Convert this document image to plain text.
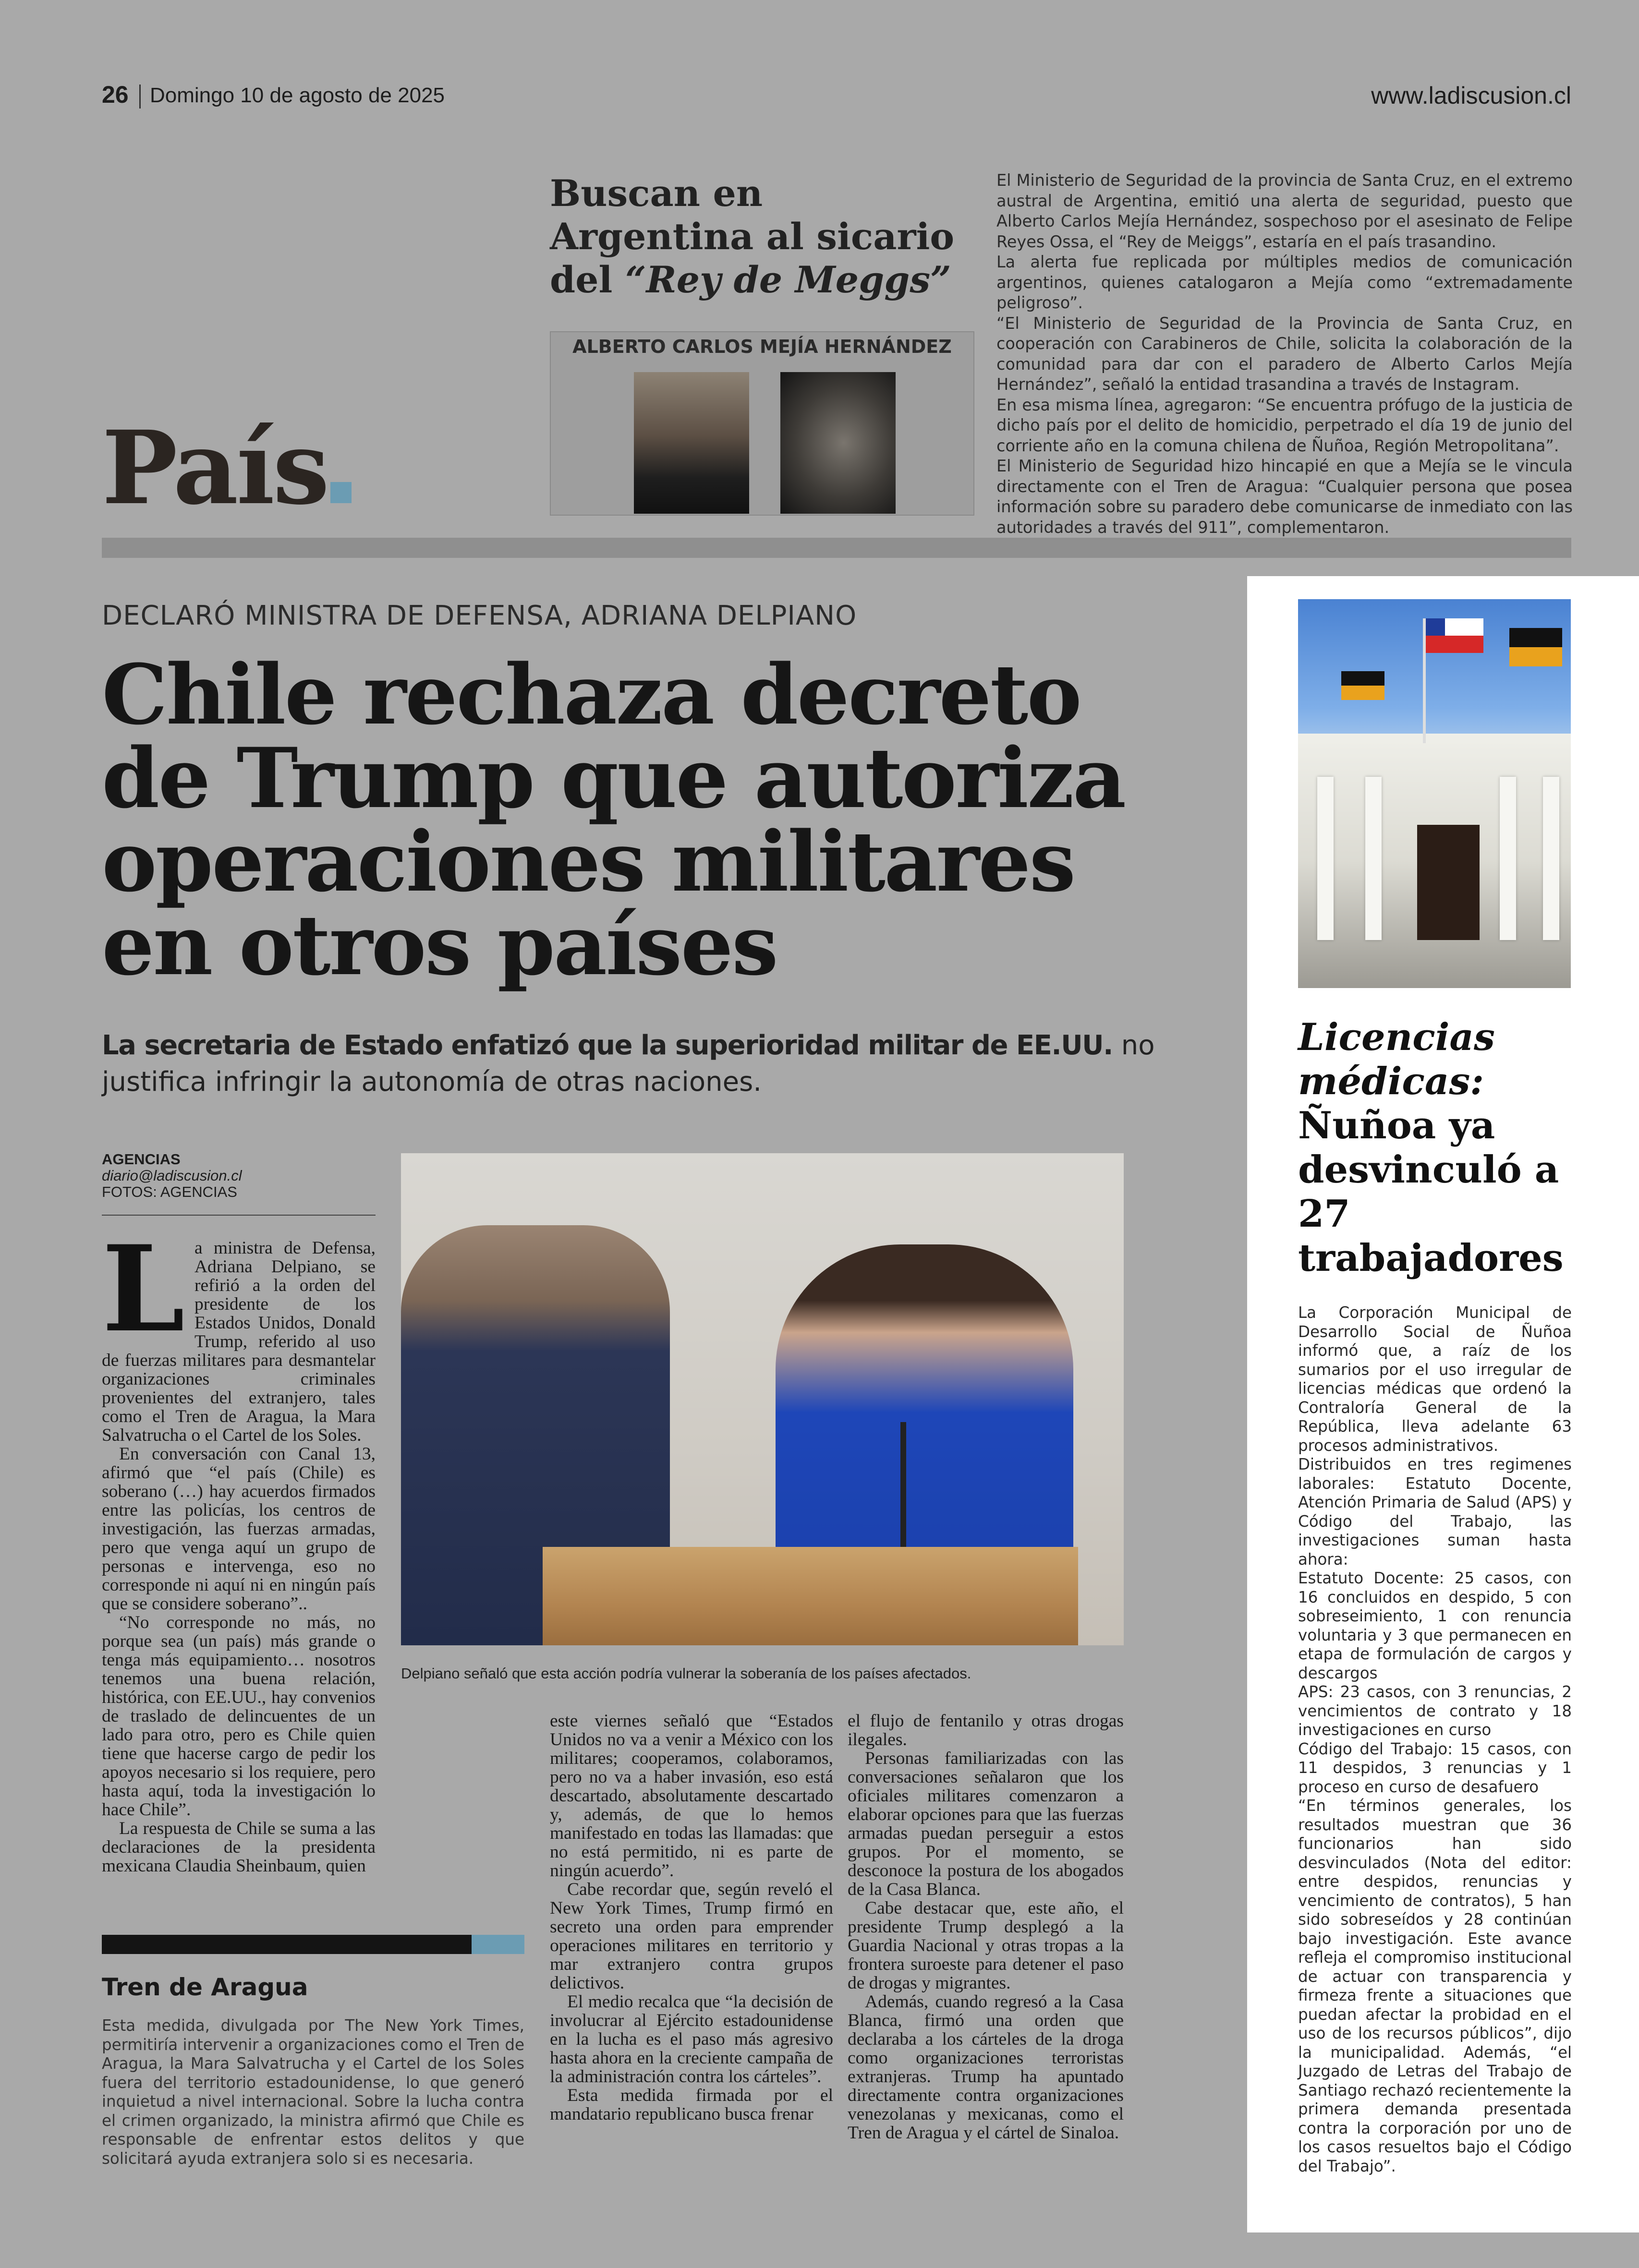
26 Domingo 10 de agosto de 2025	www.ladiscusion.cl
País
Buscan en Argentina al sicario del “Rey de Meggs”
ALBERTO CARLOS MEJÍA HERNÁNDEZ

El Ministerio de Seguridad de la provincia de Santa Cruz, en el extremo austral de Argentina, emitió una alerta de seguridad, puesto que Alberto Carlos Mejía Hernández, sospechoso por el asesinato de Felipe Reyes Ossa, el “Rey de Meiggs”, estaría en el país trasandino.

La alerta fue replicada por múltiples medios de comunicación argentinos, quienes catalogaron a Mejía como “extremadamente peligroso”.

“El Ministerio de Seguridad de la Provincia de Santa Cruz, en cooperación con Carabineros de Chile, solicita la colaboración de la comunidad para dar con el paradero de Alberto Carlos Mejía Hernández”, señaló la entidad trasandina a través de Instagram.

En esa misma línea, agregaron: “Se encuentra prófugo de la justicia de dicho país por el delito de homicidio, perpetrado el día 19 de junio del corriente año en la comuna chilena de Ñuñoa, Región Metropolitana”.

El Ministerio de Seguridad hizo hincapié en que a Mejía se le vincula directamente con el Tren de Aragua: “Cualquier persona que posea información sobre su paradero debe comunicarse de inmediato con las autoridades a través del 911”, complementaron.

DECLARÓ MINISTRA DE DEFENSA, ADRIANA DELPIANO
Chile rechaza decreto de Trump que autoriza operaciones militares en otros países
La secretaria de Estado enfatizó que la superioridad militar de EE.UU. no justifica infringir la autonomía de otras naciones.
AGENCIAS
diario@ladiscusion.cl
FOTOS: AGENCIAS
L a ministra de Defensa, Adriana Delpiano, se refirió a la orden del presidente de los Estados Unidos, Donald Trump, referido al uso de fuerzas militares para desmantelar organizaciones criminales provenientes del extranjero, tales como el Tren de Aragua, la Mara Salvatrucha o el Cartel de los Soles.

En conversación con Canal 13, afirmó que “el país (Chile) es soberano (…) hay acuerdos firmados entre las policías, los centros de investigación, las fuerzas armadas, pero que venga aquí un grupo de personas e intervenga, eso no corresponde ni aquí ni en ningún país que se considere soberano”..

“No corresponde no más, no porque sea (un país) más grande o tenga más equipamiento… nosotros tenemos una buena relación, histórica, con EE.UU., hay convenios de traslado de delincuentes de un lado para otro, pero es Chile quien tiene que hacerse cargo de pedir los apoyos necesario si los requiere, pero hasta aquí, toda la investigación lo hace Chile”.

La respuesta de Chile se suma a las declaraciones de la presidenta mexicana Claudia Sheinbaum, quien

Delpiano señaló que esta acción podría vulnerar la soberanía de los países afectados.

este viernes señaló que “Estados Unidos no va a venir a México con los militares; cooperamos, colaboramos, pero no va a haber invasión, eso está descartado, absolutamente descartado y, además, de que lo hemos manifestado en todas las llamadas: que no está permitido, ni es parte de ningún acuerdo”.

Cabe recordar que, según reveló el New York Times, Trump firmó en secreto una orden para emprender operaciones militares en territorio y mar extranjero contra grupos delictivos.

El medio recalca que “la decisión de involucrar al Ejército estadounidense en la lucha es el paso más agresivo hasta ahora en la creciente campaña de la administración contra los cárteles”.

Esta medida firmada por el mandatario republicano busca frenar

el flujo de fentanilo y otras drogas ilegales.

Personas familiarizadas con las conversaciones señalaron que los oficiales militares comenzaron a elaborar opciones para que las fuerzas armadas puedan perseguir a estos grupos. Por el momento, se desconoce la postura de los abogados de la Casa Blanca.

Cabe destacar que, este año, el presidente Trump desplegó a la Guardia Nacional y otras tropas a la frontera suroeste para detener el paso de drogas y migrantes.

Además, cuando regresó a la Casa Blanca, firmó una orden que declaraba a los cárteles de la droga como organizaciones terroristas extranjeras. Trump ha apuntado directamente contra organizaciones venezolanas y mexicanas, como el Tren de Aragua y el cártel de Sinaloa.

Tren de Aragua
Esta medida, divulgada por The New York Times, permitiría intervenir a organizaciones como el Tren de Aragua, la Mara Salvatrucha y el Cartel de los Soles fuera del territorio estadounidense, lo que generó inquietud a nivel internacional. Sobre la lucha contra el crimen organizado, la ministra afirmó que Chile es responsable de enfrentar estos delitos y que solicitará ayuda extranjera solo si es necesaria.
Licencias médicas:
Ñuñoa ya desvinculó a 27 trabajadores

La Corporación Municipal de Desarrollo Social de Ñuñoa informó que, a raíz de los sumarios por el uso irregular de licencias médicas que ordenó la Contraloría General de la República, lleva adelante 63 procesos administrativos.

Distribuidos en tres regimenes laborales: Estatuto Docente, Atención Primaria de Salud (APS) y Código del Trabajo, las investigaciones suman hasta ahora:

Estatuto Docente: 25 casos, con 16 concluidos en despido, 5 con sobreseimiento, 1 con renuncia voluntaria y 3 que permanecen en etapa de formulación de cargos y descargos

APS: 23 casos, con 3 renuncias, 2 vencimientos de contrato y 18 investigaciones en curso

Código del Trabajo: 15 casos, con 11 despidos, 3 renuncias y 1 proceso en curso de desafuero

“En términos generales, los resultados muestran que 36 funcionarios han sido desvinculados (Nota del editor: entre despidos, renuncias y vencimiento de contratos), 5 han sido sobreseídos y 28 continúan bajo investigación. Este avance refleja el compromiso institucional de actuar con transparencia y firmeza frente a situaciones que puedan afectar la probidad en el uso de los recursos públicos”, dijo la municipalidad. Además, “el Juzgado de Letras del Trabajo de Santiago rechazó recientemente la primera demanda presentada contra la corporación por uno de los casos resueltos bajo el Código del Trabajo”.
